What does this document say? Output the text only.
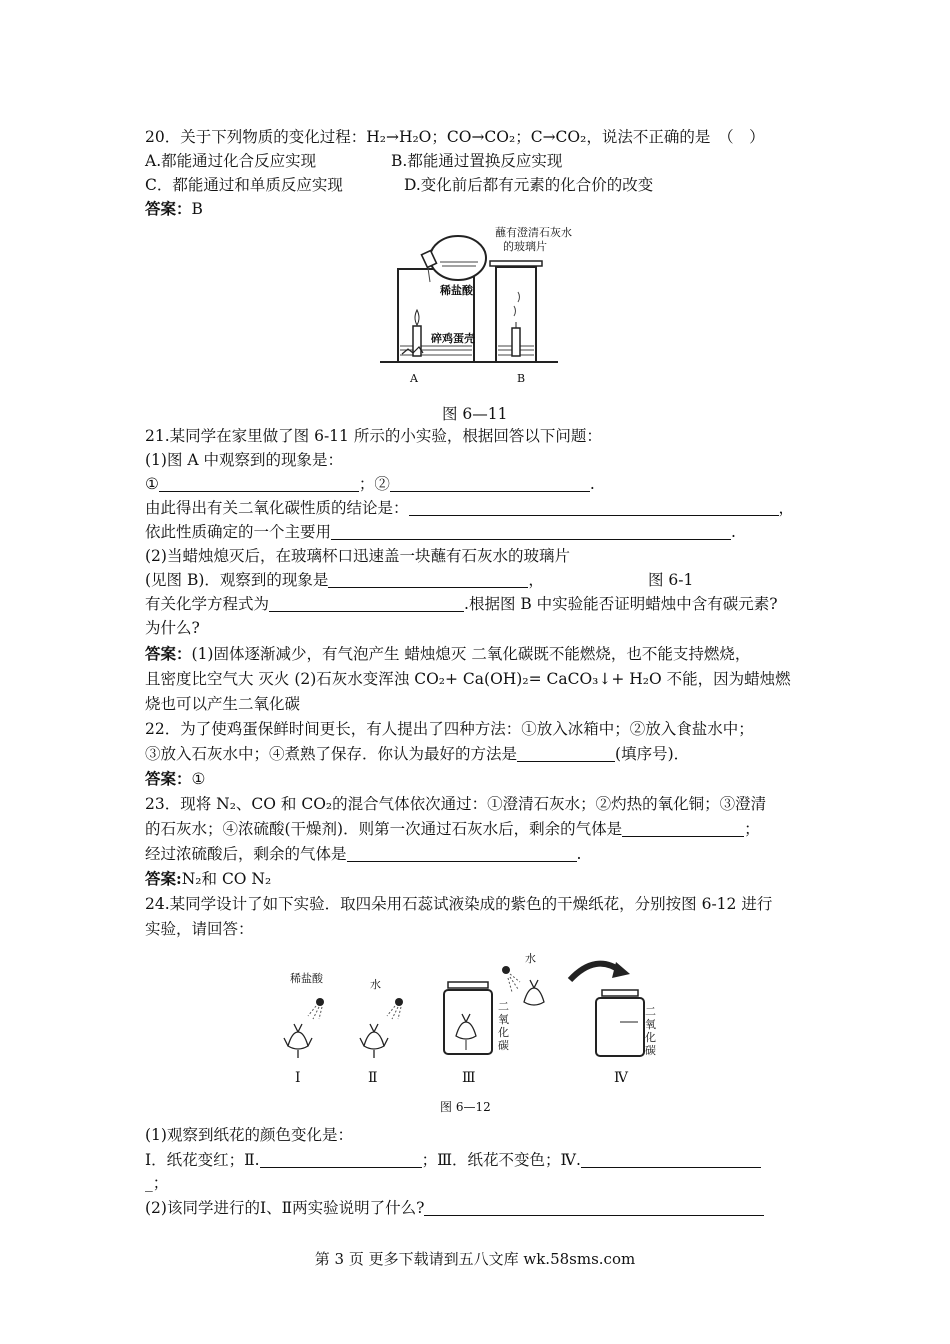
20．关于下列物质的变化过程：H₂→H₂O；CO→CO₂；C→CO₂，说法不正确的是　（　）
A.都能通过化合反应实现	B.都能通过置换反应实现
C．都能通过和单质反应实现	D.变化前后都有元素的化合价的改变
答案：B
蘸有澄清石灰水
的玻璃片
稀盐酸
碎鸡蛋壳
A	B
图 6—11
21.某同学在家里做了图 6-11 所示的小实验，根据回答以下问题：
(1)图 A 中观察到的现象是：
①	；②	.
由此得出有关二氧化碳性质的结论是：	，
依此性质确定的一个主要用	.
(2)当蜡烛熄灭后，在玻璃杯口迅速盖一块蘸有石灰水的玻璃片
(见图 B)．观察到的现象是	，	图 6-1
有关化学方程式为	.根据图 B 中实验能否证明蜡烛中含有碳元素?
为什么?
答案：(1)固体逐渐减少，有气泡产生 蜡烛熄灭 二氧化碳既不能燃烧，也不能支持燃烧，
且密度比空气大 灭火 (2)石灰水变浑浊 CO₂+ Ca(OH)₂= CaCO₃↓+ H₂O 不能，因为蜡烛燃
烧也可以产生二氧化碳
22．为了使鸡蛋保鲜时间更长，有人提出了四种方法：①放入冰箱中；②放入食盐水中；
③放入石灰水中；④煮熟了保存．你认为最好的方法是	(填序号)．
答案：①
23．现将 N₂、CO 和 CO₂的混合气体依次通过：①澄清石灰水；②灼热的氧化铜；③澄清
的石灰水；④浓硫酸(干燥剂)．则第一次通过石灰水后，剩余的气体是	；
经过浓硫酸后，剩余的气体是	.
答案:N₂和 CO N₂
24.某同学设计了如下实验．取四朵用石蕊试液染成的紫色的干燥纸花，分别按图 6-12 进行
实验，请回答：
稀盐酸	水
水
二氧化碳
二氧化碳
Ⅰ	Ⅱ	Ⅲ	Ⅳ
图 6—12
(1)观察到纸花的颜色变化是：
Ⅰ．纸花变红；Ⅱ.	；Ⅲ．纸花不变色；Ⅳ.
_；
(2)该同学进行的Ⅰ、Ⅱ两实验说明了什么?
第 3 页 更多下载请到五八文库 wk.58sms.com
